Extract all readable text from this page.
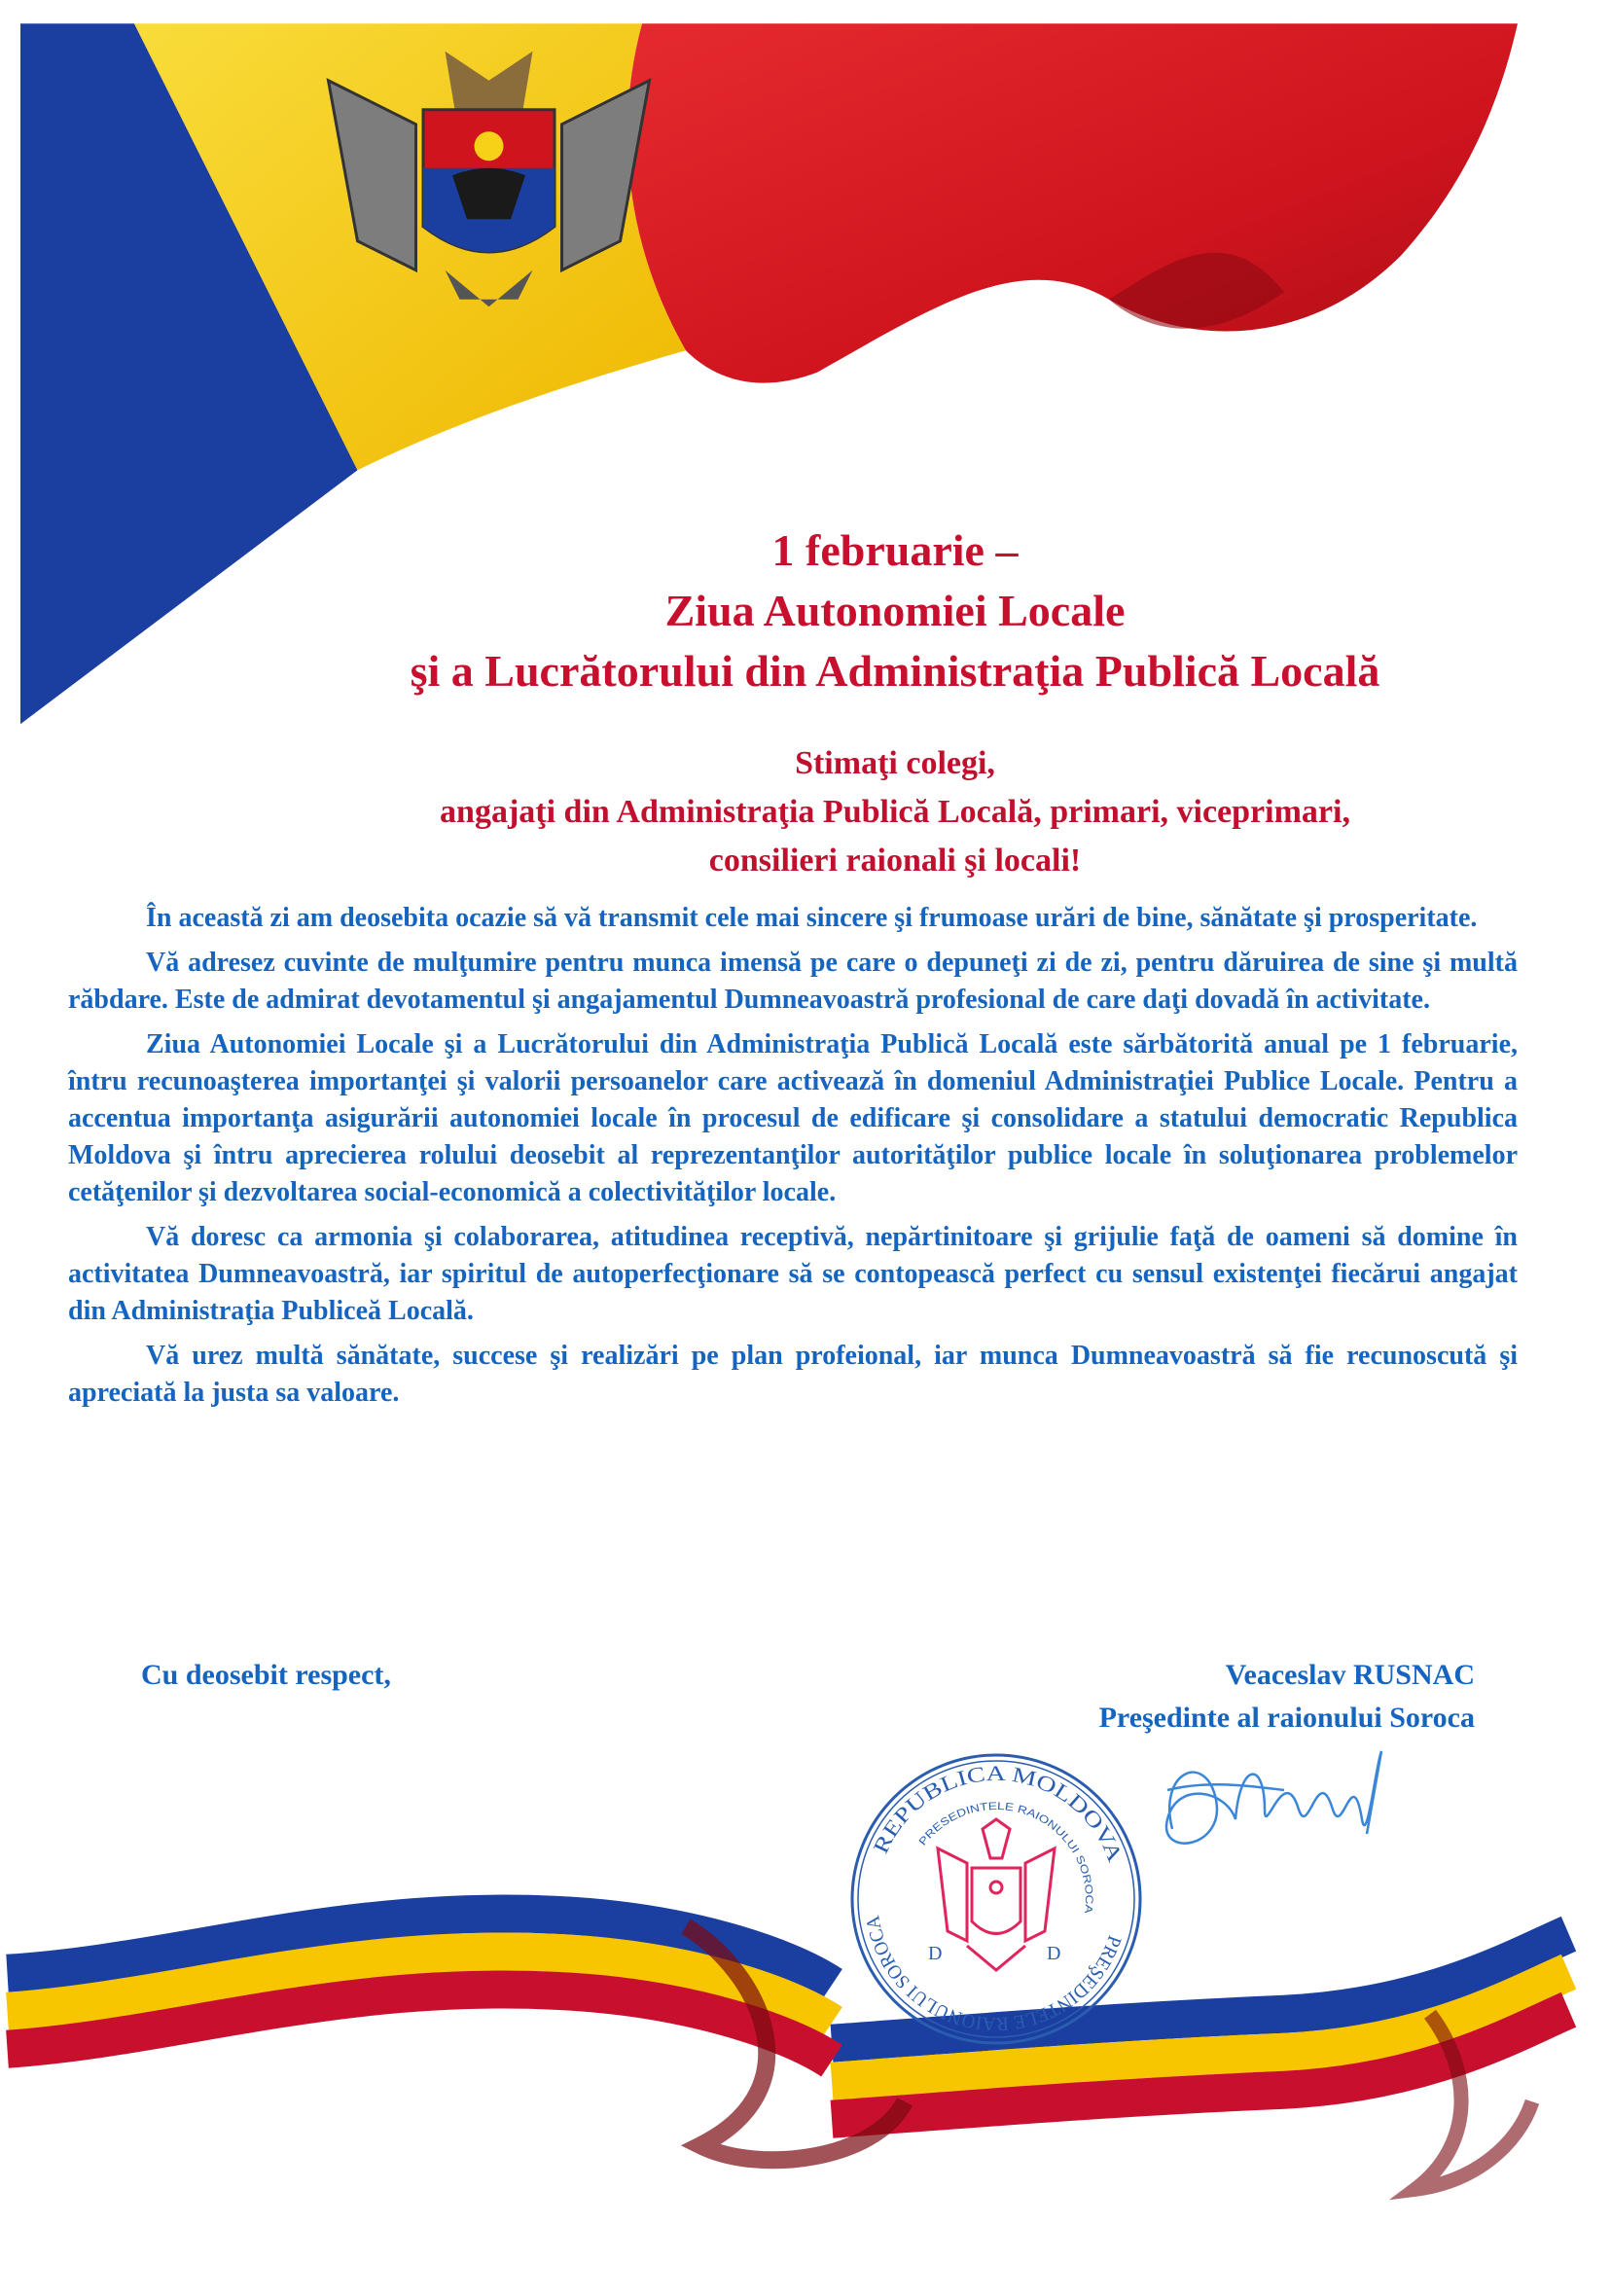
1 februarie –
Ziua Autonomiei Locale
şi a Lucrătorului din Administraţia Publică Locală
Stimaţi colegi,
angajaţi din Administraţia Publică Locală, primari, viceprimari,
consilieri raionali şi locali!

În această zi am deosebita ocazie să vă transmit cele mai sincere şi frumoase urări de bine, sănătate şi prosperitate.

Vă adresez cuvinte de mulţumire pentru munca imensă pe care o depuneţi zi de zi, pentru dăruirea de sine şi multă răbdare. Este de admirat devotamentul şi angajamentul Dumneavoastră profesional de care daţi dovadă în activitate.

Ziua Autonomiei Locale şi a Lucrătorului din Administraţia Publică Locală este sărbătorită anual pe 1 februarie, întru recunoaşterea importanţei şi valorii persoanelor care activează în domeniul Administraţiei Publice Locale. Pentru a accentua importanţa asigurării autonomiei locale în procesul de edificare şi consolidare a statului democratic Republica Moldova şi întru aprecierea rolului deosebit al reprezentanţilor autorităţilor publice locale în soluţionarea problemelor cetăţenilor şi dezvoltarea social-economică a colectivităţilor locale.

Vă doresc ca armonia şi colaborarea, atitudinea receptivă, nepărtinitoare şi grijulie faţă de oameni să domine în activitatea Dumneavoastră, iar spiritul de autoperfecţionare să se contopească perfect cu sensul existenţei fiecărui angajat din Administraţia Publiceă Locală.

Vă urez multă sănătate, succese şi realizări pe plan profeional, iar munca Dumneavoastră să fie recunoscută şi apreciată la justa sa valoare.

Cu deosebit respect,	Veaceslav RUSNAC
Preşedinte al raionului Soroca
REPUBLICA MOLDOVA
PREŞEDINTELE RAIONULUI SOROCA
PRESEDINTELE RAIONULUI SOROCA
D	D
